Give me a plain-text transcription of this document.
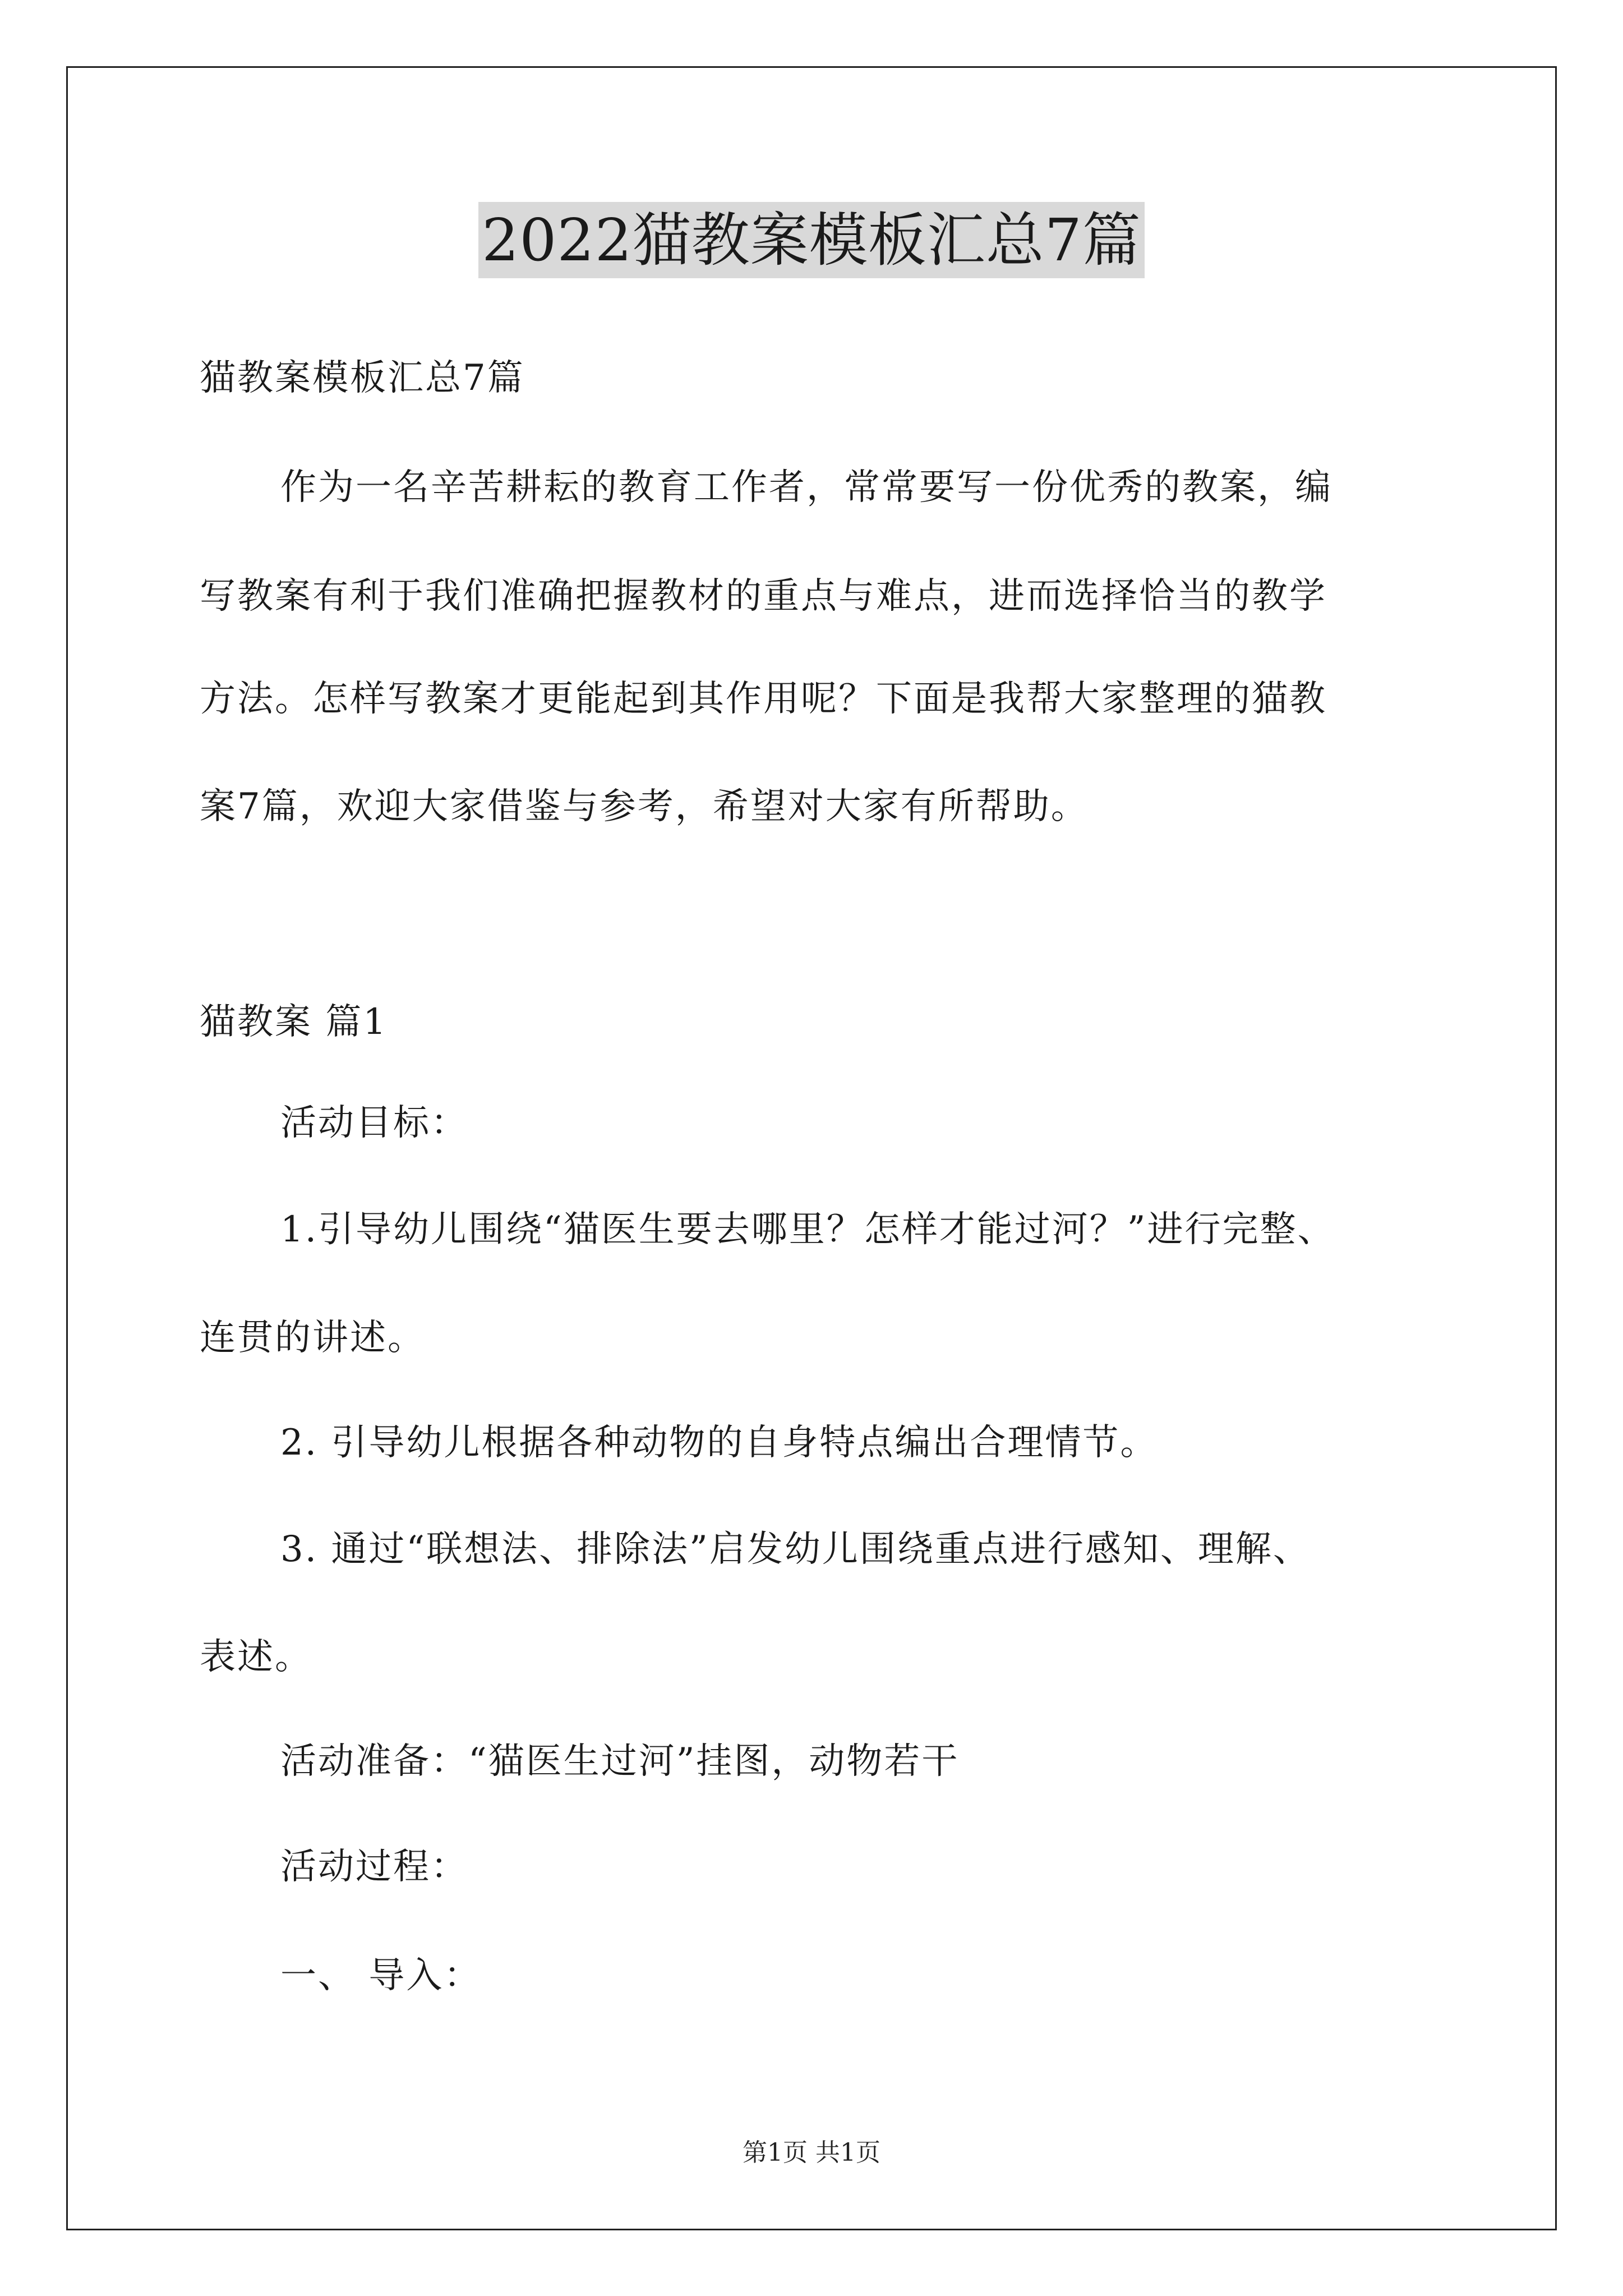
2022猫教案模板汇总7篇
猫教案模板汇总7篇
作为一名辛苦耕耘的教育工作者，常常要写一份优秀的教案，编
写教案有利于我们准确把握教材的重点与难点，进而选择恰当的教学
方法。怎样写教案才更能起到其作用呢？下面是我帮大家整理的猫教
案7篇，欢迎大家借鉴与参考，希望对大家有所帮助。
猫教案 篇1
活动目标：
1.引导幼儿围绕“猫医生要去哪里？怎样才能过河？”进行完整、
连贯的讲述。
2. 引导幼儿根据各种动物的自身特点编出合理情节。
3. 通过“联想法、排除法”启发幼儿围绕重点进行感知、理解、
表述。
活动准备：“猫医生过河”挂图，动物若干
活动过程：
一、 导入：
第1页 共1页
